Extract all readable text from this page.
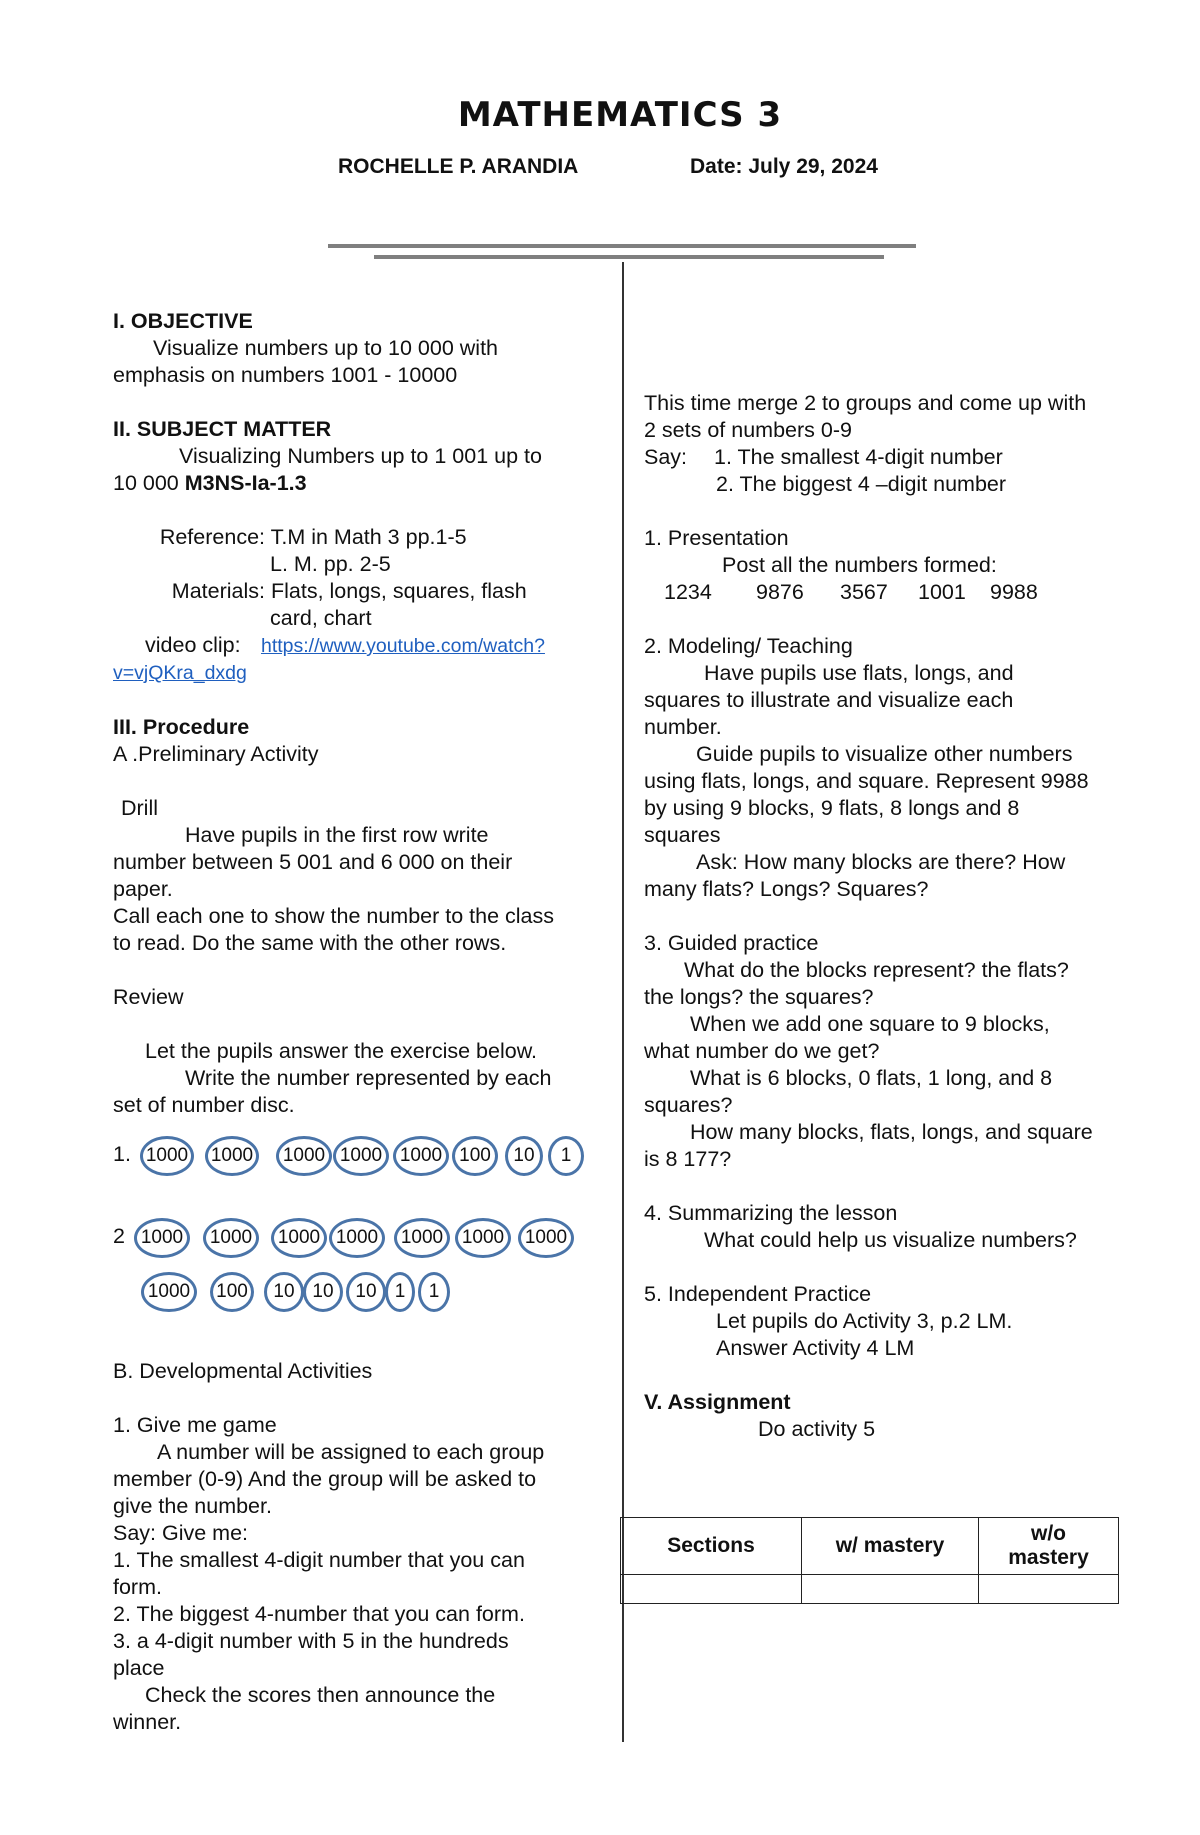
MATHEMATICS 3
ROCHELLE P. ARANDIA	Date: July 29, 2024

I. OBJECTIVE

Visualize numbers up to 10 000 with

emphasis on numbers 1001 - 10000

II. SUBJECT MATTER

Visualizing Numbers up to 1 001 up to

10 000 M3NS-Ia-1.3

Reference: T.M in Math 3 pp.1-5

L. M. pp. 2-5

Materials: Flats, longs, squares, flash

card, chart

video clip: https://www.youtube.com/watch?

v=vjQKra_dxdg

III. Procedure

A .Preliminary Activity

Drill

Have pupils in the first row write

number between 5 001 and 6 000 on their

paper.

Call each one to show the number to the class

to read. Do the same with the other rows.

Review

Let the pupils answer the exercise below.

Write the number represented by each

set of number disc.

1.
2
1000	1000	1000 1000 1000 100	10	1
1000	1000	1000 1000	1000 1000	1000
1000	100	10 10	10 1	1

B. Developmental Activities

1. Give me game

A number will be assigned to each group

member (0-9) And the group will be asked to

give the number.

Say: Give me:

1. The smallest 4-digit number that you can

form.

2. The biggest 4-number that you can form.

3. a 4-digit number with 5 in the hundreds

place

Check the scores then announce the

winner.

This time merge 2 to groups and come up with

2 sets of numbers 0-9

Say: 1. The smallest 4-digit number

2. The biggest 4 –digit number

1. Presentation

Post all the numbers formed:

1234 9876 3567 1001 9988

2. Modeling/ Teaching

Have pupils use flats, longs, and

squares to illustrate and visualize each

number.

Guide pupils to visualize other numbers

using flats, longs, and square. Represent 9988

by using 9 blocks, 9 flats, 8 longs and 8

squares

Ask: How many blocks are there? How

many flats? Longs? Squares?

3. Guided practice

What do the blocks represent? the flats?

the longs? the squares?

When we add one square to 9 blocks,

what number do we get?

What is 6 blocks, 0 flats, 1 long, and 8

squares?

How many blocks, flats, longs, and square

is 8 177?

4. Summarizing the lesson

What could help us visualize numbers?

5. Independent Practice

Let pupils do Activity 3, p.2 LM.

Answer Activity 4 LM

V. Assignment

Do activity 5

Sections	w/ mastery	w/o mastery
